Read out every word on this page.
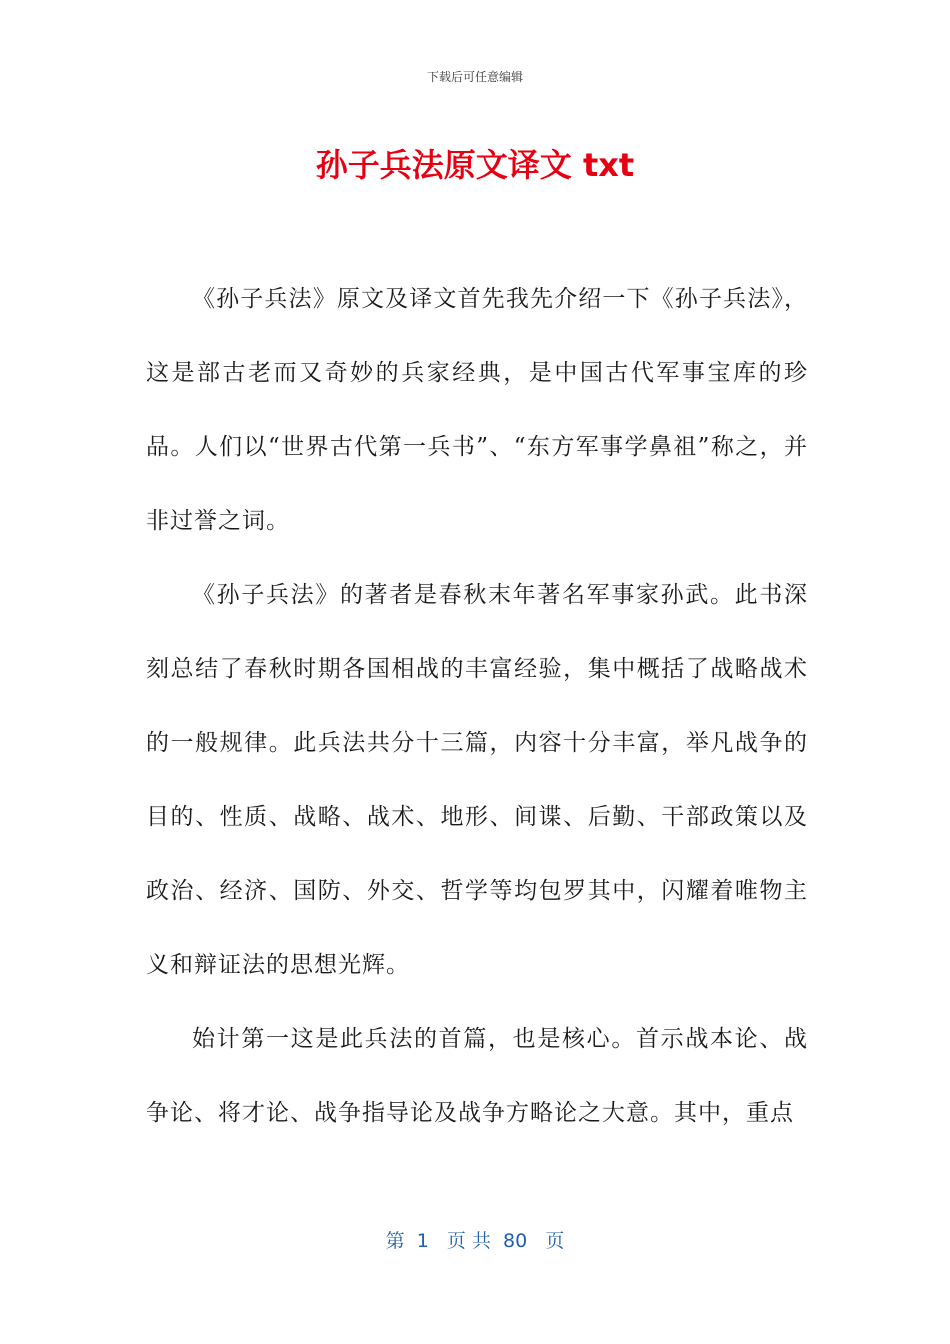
下载后可任意编辑
孙子兵法原文译文 txt

《孙子兵法》原文及译文首先我先介绍一下《孙子兵法》，这是部古老而又奇妙的兵家经典，是中国古代军事宝库的珍品。人们以“世界古代第一兵书”、“东方军事学鼻祖”称之，并非过誉之词。

《孙子兵法》的著者是春秋末年著名军事家孙武。此书深刻总结了春秋时期各国相战的丰富经验，集中概括了战略战术的一般规律。此兵法共分十三篇，内容十分丰富，举凡战争的目的、性质、战略、战术、地形、间谍、后勤、干部政策以及政治、经济、国防、外交、哲学等均包罗其中，闪耀着唯物主义和辩证法的思想光辉。

始计第一这是此兵法的首篇，也是核心。首示战本论、战争论、将才论、战争指导论及战争方略论之大意。其中，重点

第  1   页 共  80   页
